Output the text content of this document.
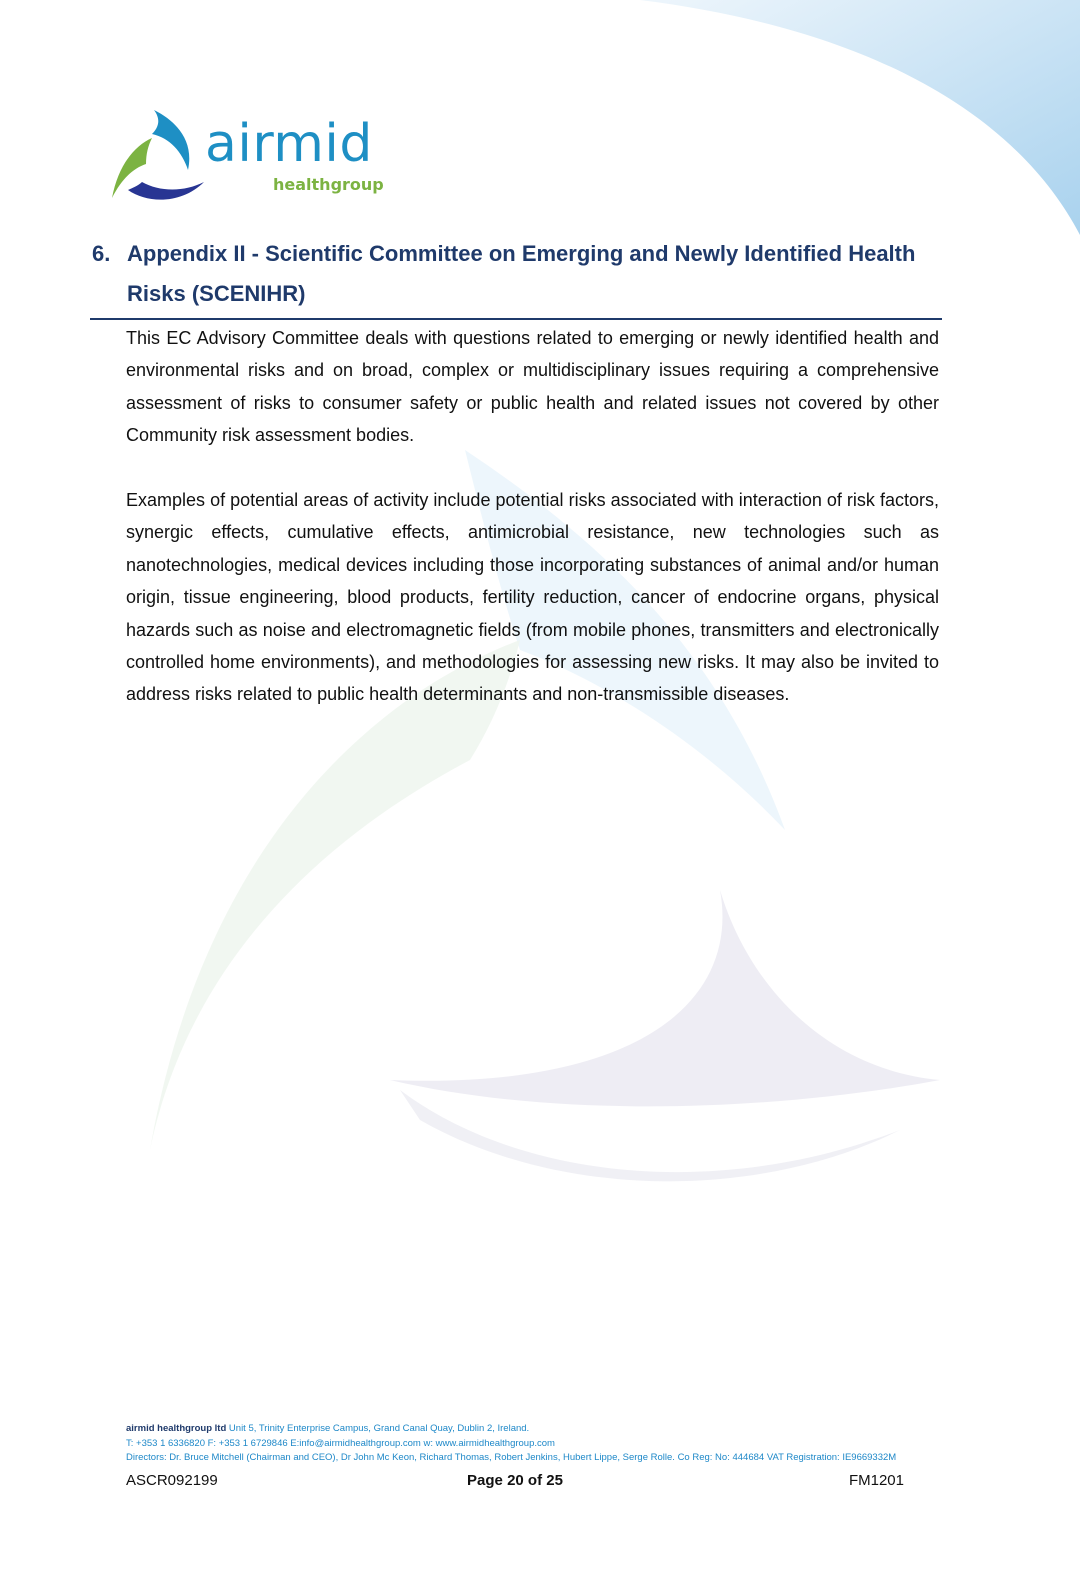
airmid
healthgroup
6. Appendix II - Scientific Committee on Emerging and Newly Identified Health Risks (SCENIHR)

This EC Advisory Committee deals with questions related to emerging or newly identified health and environmental risks and on broad, complex or multidisciplinary issues requiring a comprehensive assessment of risks to consumer safety or public health and related issues not covered by other Community risk assessment bodies.

Examples of potential areas of activity include potential risks associated with interaction of risk factors, synergic effects, cumulative effects, antimicrobial resistance, new technologies such as nanotechnologies, medical devices including those incorporating substances of animal and/or human origin, tissue engineering, blood products, fertility reduction, cancer of endocrine organs, physical hazards such as noise and electromagnetic fields (from mobile phones, transmitters and electronically controlled home environments), and methodologies for assessing new risks. It may also be invited to address risks related to public health determinants and non-transmissible diseases.

airmid healthgroup ltd Unit 5, Trinity Enterprise Campus, Grand Canal Quay, Dublin 2, Ireland.
T: +353 1 6336820 F: +353 1 6729846 E:info@airmidhealthgroup.com w: www.airmidhealthgroup.com
Directors: Dr. Bruce Mitchell (Chairman and CEO), Dr John Mc Keon, Richard Thomas, Robert Jenkins, Hubert Lippe, Serge Rolle. Co Reg: No: 444684 VAT Registration: IE9669332M
ASCR092199	Page 20 of 25	FM1201
